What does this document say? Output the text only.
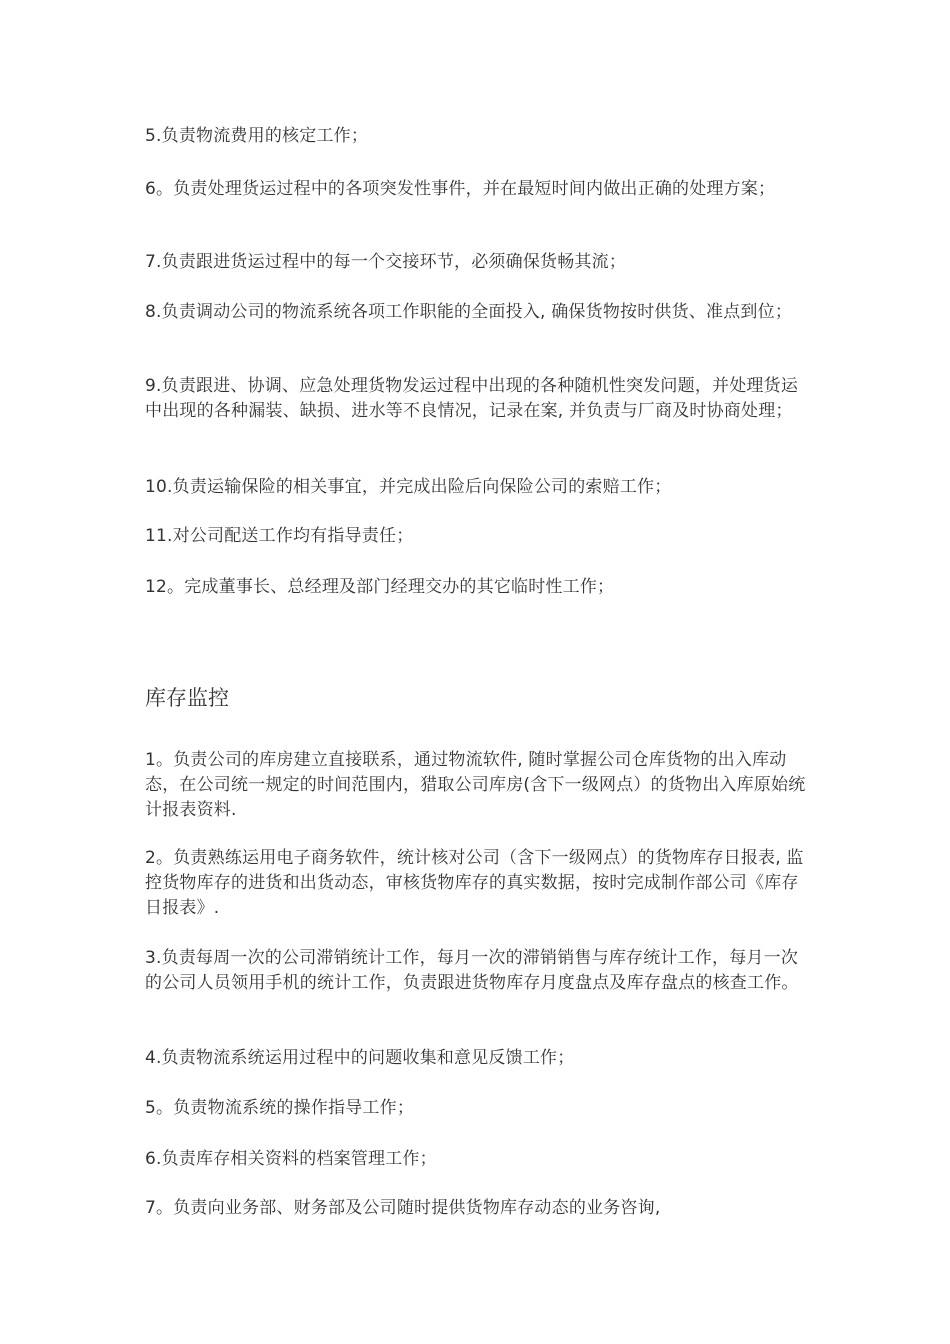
5.负责物流费用的核定工作；

6。负责处理货运过程中的各项突发性事件，并在最短时间内做出正确的处理方案；

7.负责跟进货运过程中的每一个交接环节，必须确保货畅其流；

8.负责调动公司的物流系统各项工作职能的全面投入, 确保货物按时供货、准点到位；

9.负责跟进、协调、应急处理货物发运过程中出现的各种随机性突发问题，并处理货运中出现的各种漏装、缺损、进水等不良情况，记录在案, 并负责与厂商及时协商处理；

10.负责运输保险的相关事宜，并完成出险后向保险公司的索赔工作；

11.对公司配送工作均有指导责任；

12。完成董事长、总经理及部门经理交办的其它临时性工作；

库存监控

1。负责公司的库房建立直接联系，通过物流软件, 随时掌握公司仓库货物的出入库动态，在公司统一规定的时间范围内，猎取公司库房(含下一级网点）的货物出入库原始统计报表资料.

2。负责熟练运用电子商务软件，统计核对公司（含下一级网点）的货物库存日报表, 监控货物库存的进货和出货动态，审核货物库存的真实数据，按时完成制作部公司《库存日报表》.

3.负责每周一次的公司滞销统计工作，每月一次的滞销销售与库存统计工作，每月一次的公司人员领用手机的统计工作，负责跟进货物库存月度盘点及库存盘点的核查工作。

4.负责物流系统运用过程中的问题收集和意见反馈工作；

5。负责物流系统的操作指导工作；

6.负责库存相关资料的档案管理工作；

7。负责向业务部、财务部及公司随时提供货物库存动态的业务咨询,
